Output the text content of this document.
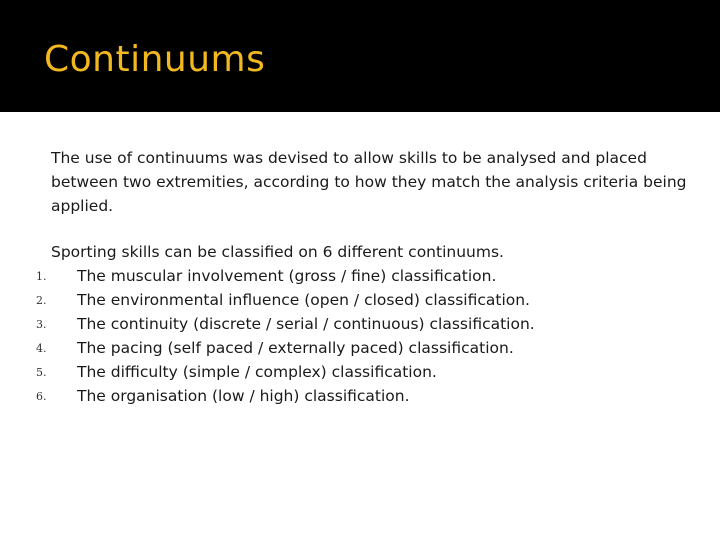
Continuums

The use of continuums was devised to allow skills to be analysed and placed between two extremities, according to how they match the analysis criteria being applied.

Sporting skills can be classified on 6 different continuums.

1. The muscular involvement (gross / fine) classification.
2. The environmental influence (open / closed) classification.
3. The continuity (discrete / serial / continuous) classification.
4. The pacing (self paced / externally paced) classification.
5. The difficulty (simple / complex) classification.
6. The organisation (low / high) classification.
